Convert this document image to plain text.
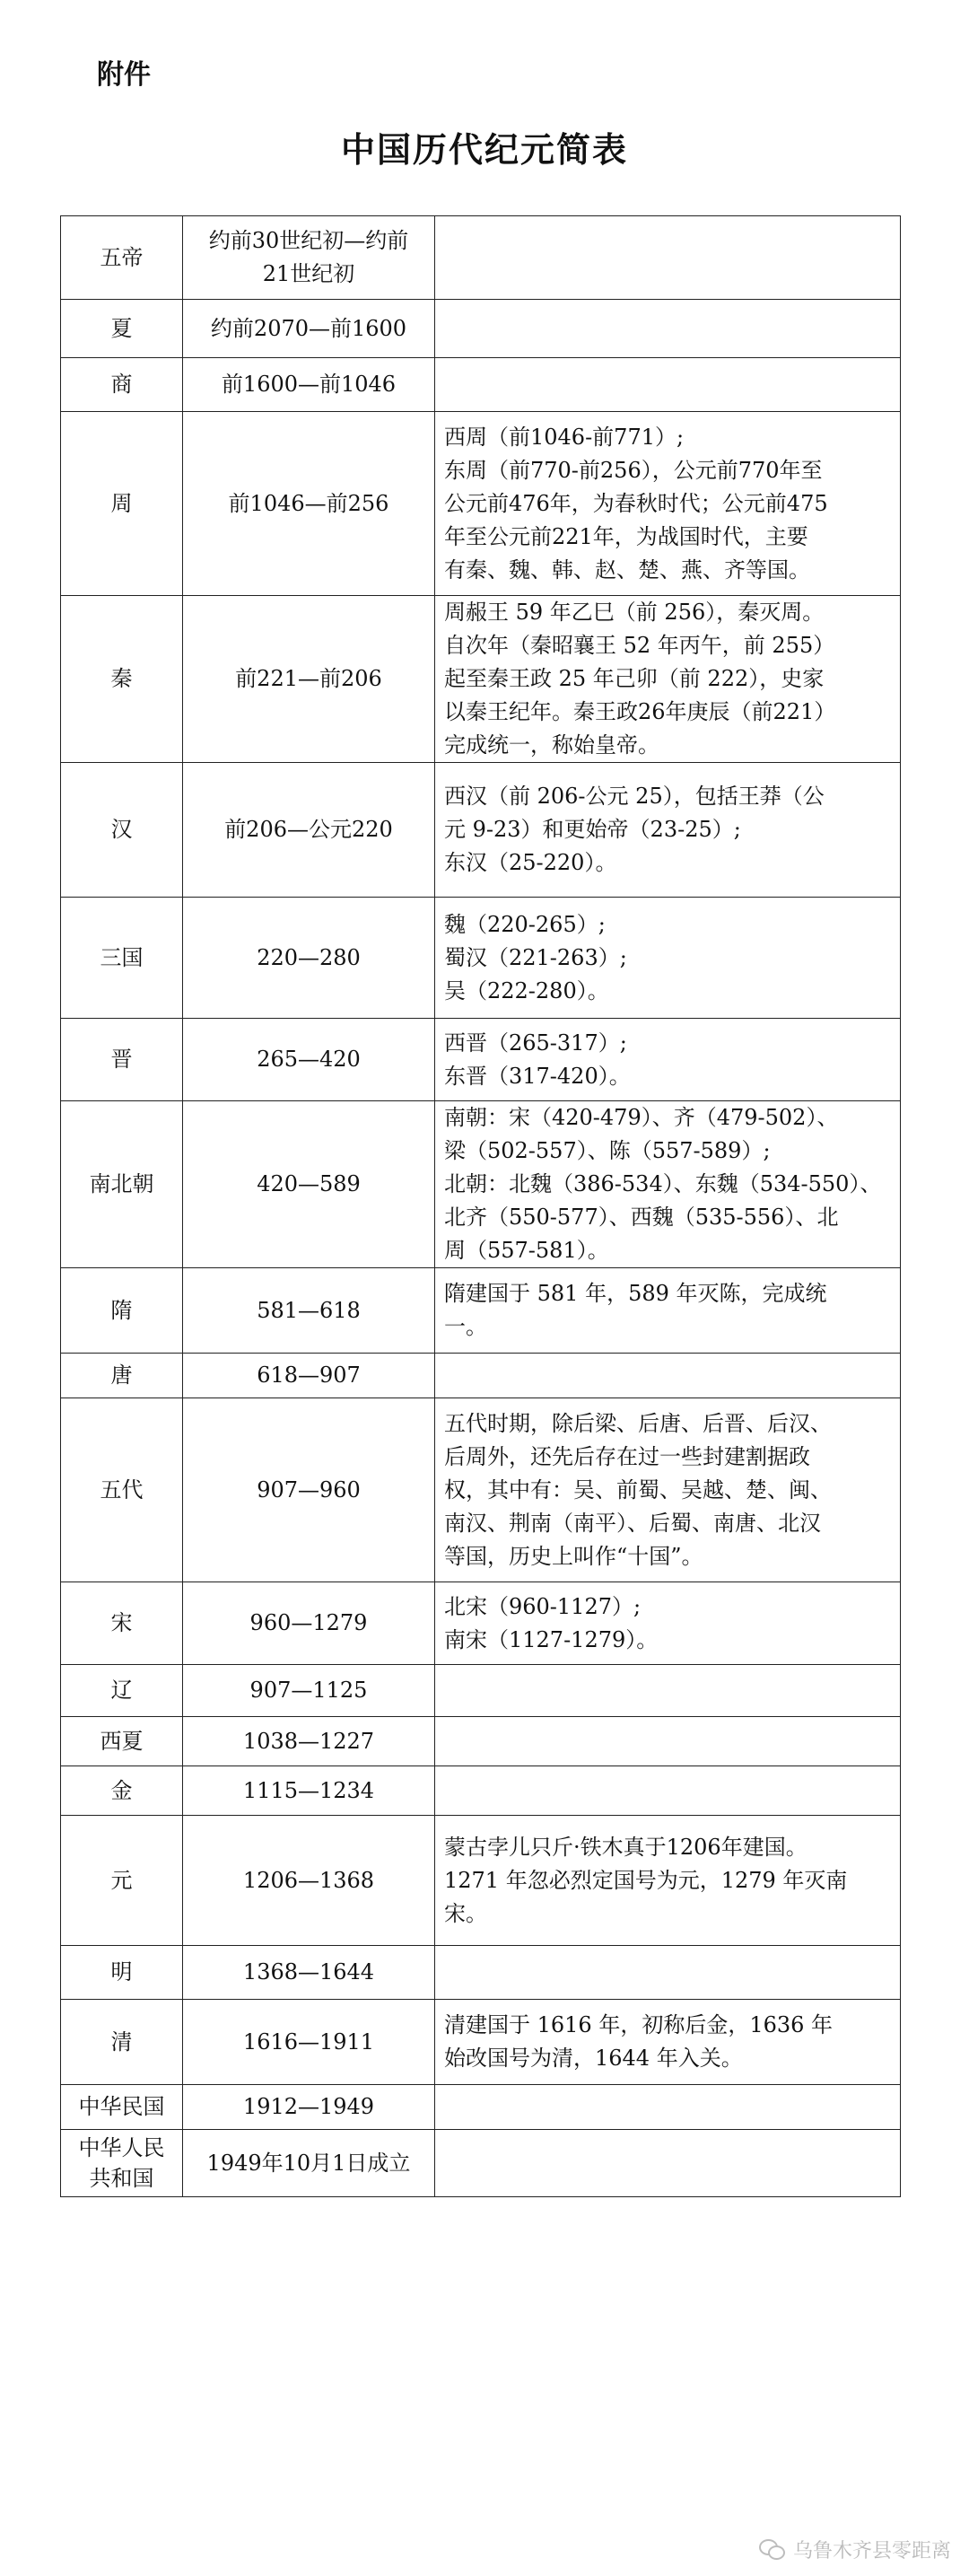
附件
中国历代纪元简表
五帝	约前30世纪初—约前
21世纪初	
夏	约前2070—前1600	
商	前1600—前1046	
周	前1046—前256	西周（前1046-前771）;
东周（前770-前256），公元前770年至
公元前476年，为春秋时代；公元前475
年至公元前221年，为战国时代，主要
有秦、魏、韩、赵、楚、燕、齐等国。

秦	前221—前206	周赧王 59 年乙巳（前 256），秦灭周。
自次年（秦昭襄王 52 年丙午，前 255）
起至秦王政 25 年己卯（前 222），史家
以秦王纪年。秦王政26年庚辰（前221）
完成统一，称始皇帝。

汉	前206—公元220	西汉（前 206-公元 25），包括王莽（公
元 9-23）和更始帝（23-25）;
东汉（25-220）。

三国	220—280	魏（220-265）;
蜀汉（221-263）;
吴（222-280）。

晋	265—420	西晋（265-317）;
东晋（317-420）。

南北朝	420—589	南朝：宋（420-479）、齐（479-502）、
梁（502-557）、陈（557-589）;
北朝：北魏（386-534）、东魏（534-550）、
北齐（550-577）、西魏（535-556）、北
周（557-581）。

隋	581—618	隋建国于 581 年，589 年灭陈，完成统
一。

唐	618—907	
五代	907—960	五代时期，除后梁、后唐、后晋、后汉、
后周外，还先后存在过一些封建割据政
权，其中有：吴、前蜀、吴越、楚、闽、
南汉、荆南（南平）、后蜀、南唐、北汉
等国，历史上叫作“十国”。

宋	960—1279	北宋（960-1127）;
南宋（1127-1279）。

辽	907—1125	
西夏	1038—1227	
金	1115—1234	
元	1206—1368	蒙古孛儿只斤·铁木真于1206年建国。
1271 年忽必烈定国号为元，1279 年灭南
宋。

明	1368—1644	
清	1616—1911	清建国于 1616 年，初称后金，1636 年
始改国号为清，1644 年入关。

中华民国	1912—1949	
中华人民
共和国	1949年10月1日成立	
乌鲁木齐县零距离
